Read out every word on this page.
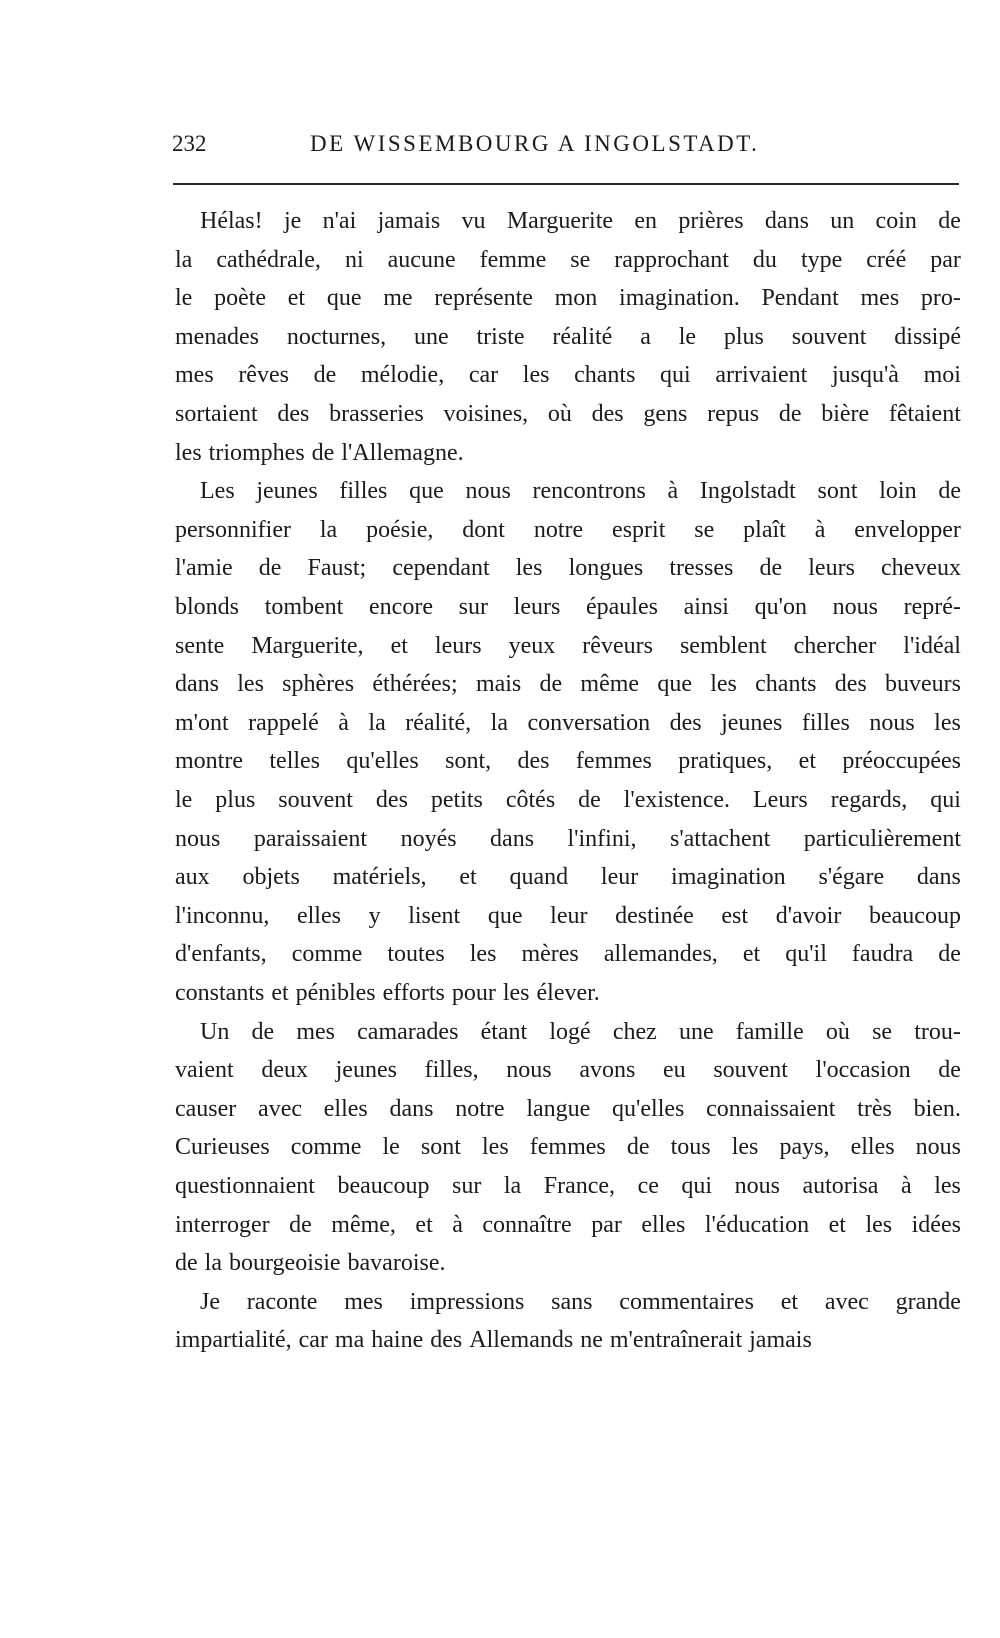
232	DE WISSEMBOURG A INGOLSTADT.
Hélas! je n'ai jamais vu Marguerite en prières dans un coin de
la cathédrale, ni aucune femme se rapprochant du type créé par
le poète et que me représente mon imagination. Pendant mes pro-
menades nocturnes, une triste réalité a le plus souvent dissipé
mes rêves de mélodie, car les chants qui arrivaient jusqu'à moi
sortaient des brasseries voisines, où des gens repus de bière fêtaient
les triomphes de l'Allemagne.
Les jeunes filles que nous rencontrons à Ingolstadt sont loin de
personnifier la poésie, dont notre esprit se plaît à envelopper
l'amie de Faust; cependant les longues tresses de leurs cheveux
blonds tombent encore sur leurs épaules ainsi qu'on nous repré-
sente Marguerite, et leurs yeux rêveurs semblent chercher l'idéal
dans les sphères éthérées; mais de même que les chants des buveurs
m'ont rappelé à la réalité, la conversation des jeunes filles nous les
montre telles qu'elles sont, des femmes pratiques, et préoccupées
le plus souvent des petits côtés de l'existence. Leurs regards, qui
nous paraissaient noyés dans l'infini, s'attachent particulièrement
aux objets matériels, et quand leur imagination s'égare dans
l'inconnu, elles y lisent que leur destinée est d'avoir beaucoup
d'enfants, comme toutes les mères allemandes, et qu'il faudra de
constants et pénibles efforts pour les élever.
Un de mes camarades étant logé chez une famille où se trou-
vaient deux jeunes filles, nous avons eu souvent l'occasion de
causer avec elles dans notre langue qu'elles connaissaient très bien.
Curieuses comme le sont les femmes de tous les pays, elles nous
questionnaient beaucoup sur la France, ce qui nous autorisa à les
interroger de même, et à connaître par elles l'éducation et les idées
de la bourgeoisie bavaroise.
Je raconte mes impressions sans commentaires et avec grande
impartialité, car ma haine des Allemands ne m'entraînerait jamais
